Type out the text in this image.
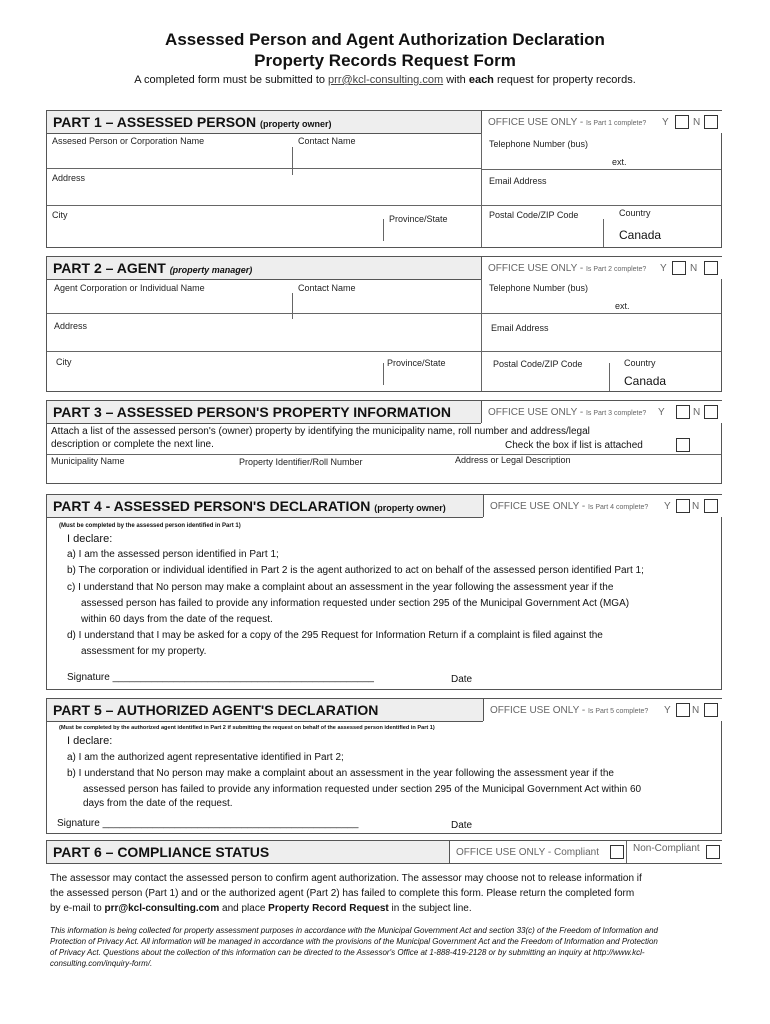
Assessed Person and Agent Authorization Declaration
Property Records Request Form
A completed form must be submitted to prr@kcl-consulting.com with each request for property records.
PART 1 – ASSESSED PERSON (property owner)	OFFICE USE ONLY - Is Part 1 complete? Y N
Assesed Person or Corporation Name	Contact Name	Telephone Number (bus)
ext.
Address	Email Address
City	Province/State	Postal Code/ZIP Code	Country
Canada
PART 2 – AGENT (property manager)	OFFICE USE ONLY - Is Part 2 complete? Y N
Agent Corporation or Individual Name	Contact Name	Telephone Number (bus)
ext.
Address	Email Address
City	Province/State	Postal Code/ZIP Code	Country
Canada
PART 3 – ASSESSED PERSON'S PROPERTY INFORMATION	OFFICE USE ONLY - Is Part 3 complete? Y	N
Attach a list of the assessed person's (owner) property by identifying the municipality name, roll number and address/legal
description or complete the next line.	Check the box if list is attached
Municipality Name	Property Identifier/Roll Number	Address or Legal Description
PART 4 - ASSESSED PERSON'S DECLARATION (property owner)	OFFICE USE ONLY - Is Part 4 complete? Y N
(Must be completed by the assessed person identified in Part 1)
I declare:
a) I am the assessed person identified in Part 1;
b) The corporation or individual identified in Part 2 is the agent authorized to act on behalf of the assessed person identified Part 1;
c) I understand that No person may make a complaint about an assessment in the year following the assessment year if the
assessed person has failed to provide any information requested under section 295 of the Municipal Government Act (MGA)
within 60 days from the date of the request.
d) I understand that I may be asked for a copy of the 295 Request for Information Return if a complaint is filed against the
assessment for my property.
Signature _______________________________________________	Date
PART 5 – AUTHORIZED AGENT'S DECLARATION	OFFICE USE ONLY - Is Part 5 complete? Y N
(Must be completed by the authorized agent identified in Part 2 if submitting the request on behalf of the assessed person identified in Part 1)
I declare:
a) I am the authorized agent representative identified in Part 2;
b) I understand that No person may make a complaint about an assessment in the year following the assessment year if the
assessed person has failed to provide any information requested under section 295 of the Municipal Government Act within 60
days from the date of the request.
Signature ______________________________________________	Date
PART 6 – COMPLIANCE STATUS	OFFICE USE ONLY - Compliant	Non-Compliant
The assessor may contact the assessed person to confirm agent authorization. The assessor may choose not to release information if
the assessed person (Part 1) and or the authorized agent (Part 2) has failed to complete this form. Please return the completed form
by e-mail to prr@kcl-consulting.com and place Property Record Request in the subject line.
This information is being collected for property assessment purposes in accordance with the Municipal Government Act and section 33(c) of the Freedom of Information and
Protection of Privacy Act. All information will be managed in accordance with the provisions of the Municipal Government Act and the Freedom of Information and Protection
of Privacy Act. Questions about the collection of this information can be directed to the Assessor's Office at 1-888-419-2128 or by submitting an inquiry at http://www.kcl-
consulting.com/inquiry-form/.
